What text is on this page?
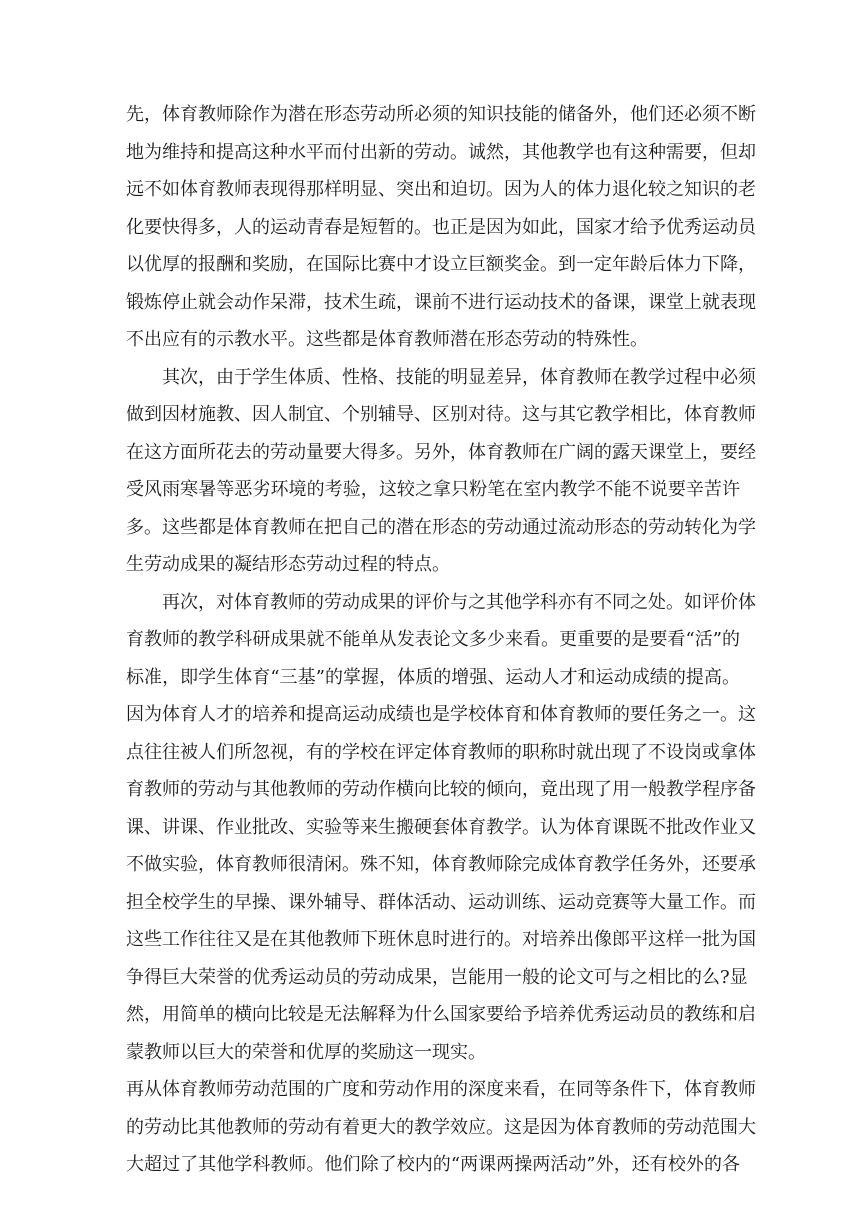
先，体育教师除作为潜在形态劳动所必须的知识技能的储备外，他们还必须不断
地为维持和提高这种水平而付出新的劳动。诚然，其他教学也有这种需要，但却
远不如体育教师表现得那样明显、突出和迫切。因为人的体力退化较之知识的老
化要快得多，人的运动青春是短暂的。也正是因为如此，国家才给予优秀运动员
以优厚的报酬和奖励，在国际比赛中才设立巨额奖金。到一定年龄后体力下降，
锻炼停止就会动作呆滞，技术生疏，课前不进行运动技术的备课，课堂上就表现
不出应有的示教水平。这些都是体育教师潜在形态劳动的特殊性。
其次，由于学生体质、性格、技能的明显差异，体育教师在教学过程中必须
做到因材施教、因人制宜、个别辅导、区别对待。这与其它教学相比，体育教师
在这方面所花去的劳动量要大得多。另外，体育教师在广阔的露天课堂上，要经
受风雨寒暑等恶劣环境的考验，这较之拿只粉笔在室内教学不能不说要辛苦许
多。这些都是体育教师在把自己的潜在形态的劳动通过流动形态的劳动转化为学
生劳动成果的凝结形态劳动过程的特点。
再次，对体育教师的劳动成果的评价与之其他学科亦有不同之处。如评价体
育教师的教学科研成果就不能单从发表论文多少来看。更重要的是要看“活”的
标准，即学生体育“三基”的掌握，体质的增强、运动人才和运动成绩的提高。
因为体育人才的培养和提高运动成绩也是学校体育和体育教师的要任务之一。这
点往往被人们所忽视，有的学校在评定体育教师的职称时就出现了不设岗或拿体
育教师的劳动与其他教师的劳动作横向比较的倾向，竟出现了用一般教学程序备
课、讲课、作业批改、实验等来生搬硬套体育教学。认为体育课既不批改作业又
不做实验，体育教师很清闲。殊不知，体育教师除完成体育教学任务外，还要承
担全校学生的早操、课外辅导、群体活动、运动训练、运动竞赛等大量工作。而
这些工作往往又是在其他教师下班休息时进行的。对培养出像郎平这样一批为国
争得巨大荣誉的优秀运动员的劳动成果，岂能用一般的论文可与之相比的么?显
然，用简单的横向比较是无法解释为什么国家要给予培养优秀运动员的教练和启
蒙教师以巨大的荣誉和优厚的奖励这一现实。
再从体育教师劳动范围的广度和劳动作用的深度来看，在同等条件下，体育教师
的劳动比其他教师的劳动有着更大的教学效应。这是因为体育教师的劳动范围大
大超过了其他学科教师。他们除了校内的“两课两操两活动”外，还有校外的各
